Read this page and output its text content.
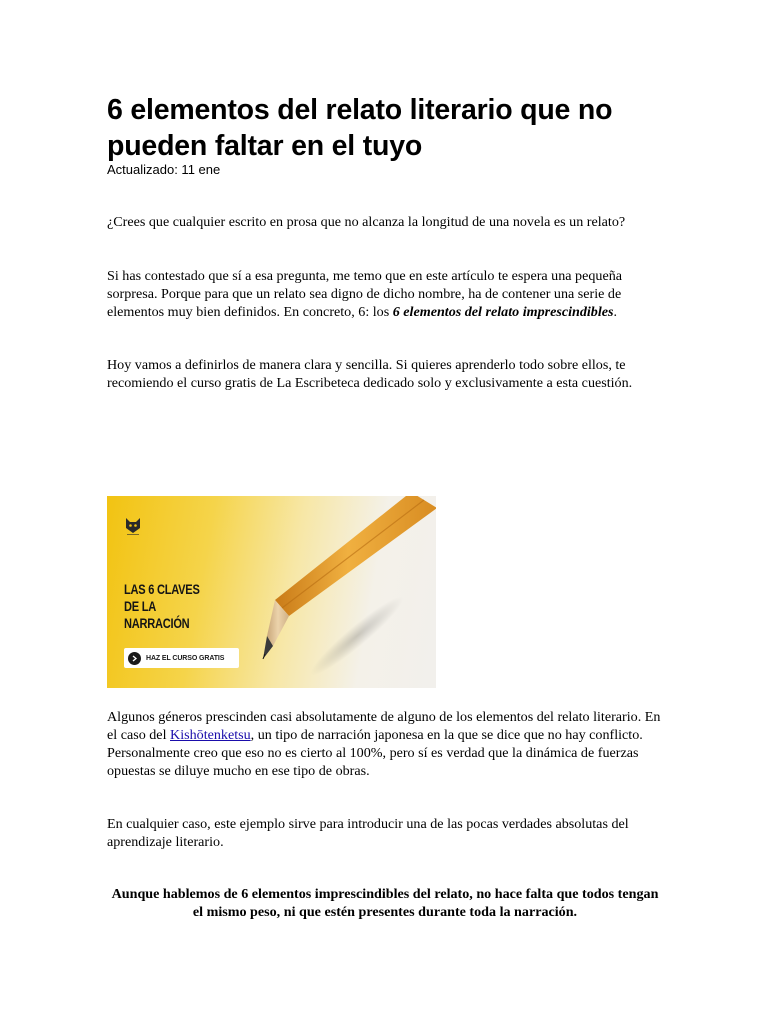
6 elementos del relato literario que no pueden faltar en el tuyo
Actualizado: 11 ene

¿Crees que cualquier escrito en prosa que no alcanza la longitud de una novela es un relato?

Si has contestado que sí a esa pregunta, me temo que en este artículo te espera una pequeña sorpresa. Porque para que un relato sea digno de dicho nombre, ha de contener una serie de elementos muy bien definidos. En concreto, 6: los 6 elementos del relato imprescindibles.

Hoy vamos a definirlos de manera clara y sencilla. Si quieres aprenderlo todo sobre ellos, te recomiendo el curso gratis de La Escribeteca dedicado solo y exclusivamente a esta cuestión.

LAS 6 CLAVES
DE LA
NARRACIÓN
HAZ EL CURSO GRATIS

Algunos géneros prescinden casi absolutamente de alguno de los elementos del relato literario. En el caso del Kishōtenketsu, un tipo de narración japonesa en la que se dice que no hay conflicto. Personalmente creo que eso no es cierto al 100%, pero sí es verdad que la dinámica de fuerzas opuestas se diluye mucho en ese tipo de obras.

En cualquier caso, este ejemplo sirve para introducir una de las pocas verdades absolutas del aprendizaje literario.

Aunque hablemos de 6 elementos imprescindibles del relato, no hace falta que todos tengan el mismo peso, ni que estén presentes durante toda la narración.
